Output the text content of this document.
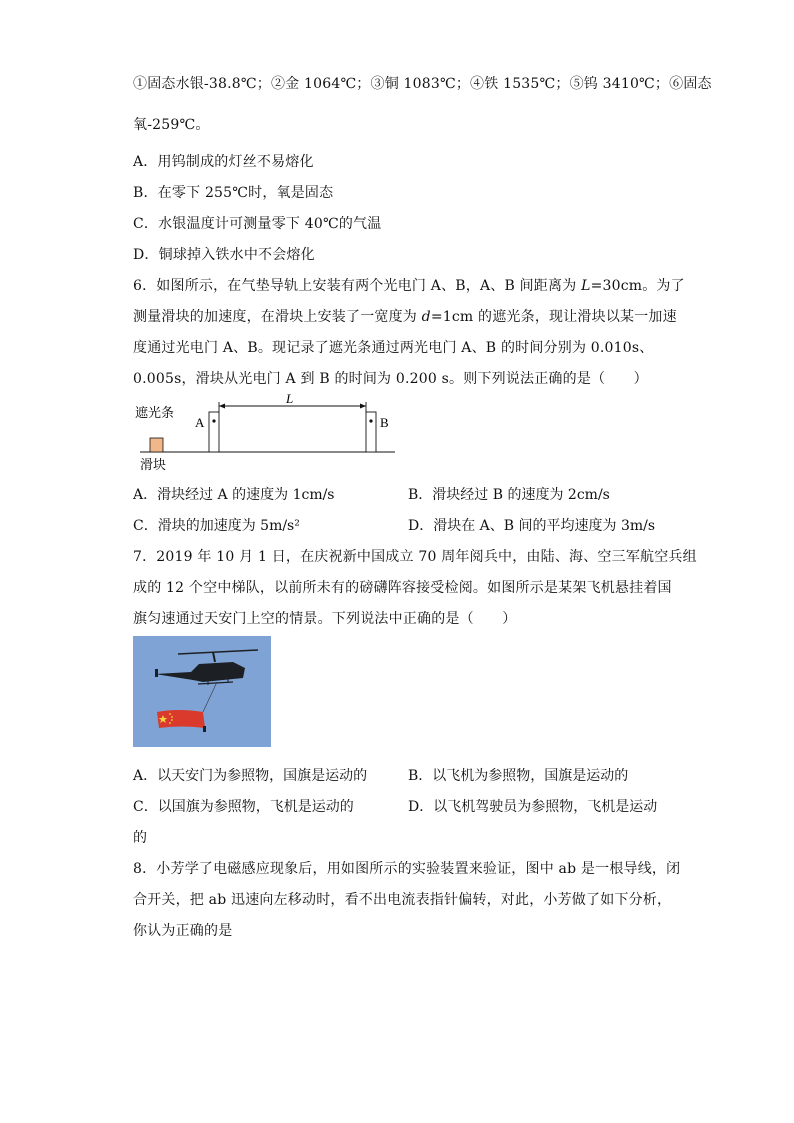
①固态水银-38.8℃；②金 1064℃；③铜 1083℃；④铁 1535℃；⑤钨 3410℃；⑥固态
氧-259℃。
A．用钨制成的灯丝不易熔化
B．在零下 255℃时，氧是固态
C．水银温度计可测量零下 40℃的气温
D．铜球掉入铁水中不会熔化
6．如图所示，在气垫导轨上安装有两个光电门 A、B，A、B 间距离为 L=30cm。为了
测量滑块的加速度，在滑块上安装了一宽度为 d=1cm 的遮光条，现让滑块以某一加速
度通过光电门 A、B。现记录了遮光条通过两光电门 A、B 的时间分别为 0.010s、
0.005s，滑块从光电门 A 到 B 的时间为 0.200 s。则下列说法正确的是（　　）
遮光条
滑块
A	B
L
A．滑块经过 A 的速度为 1cm/s	B．滑块经过 B 的速度为 2cm/s
C．滑块的加速度为 5m/s²	D．滑块在 A、B 间的平均速度为 3m/s
7．2019 年 10 月 1 日，在庆祝新中国成立 70 周年阅兵中，由陆、海、空三军航空兵组
成的 12 个空中梯队，以前所未有的磅礴阵容接受检阅。如图所示是某架飞机悬挂着国
旗匀速通过天安门上空的情景。下列说法中正确的是（　　）
A．以天安门为参照物，国旗是运动的	B．以飞机为参照物，国旗是运动的
C．以国旗为参照物，飞机是运动的	D．以飞机驾驶员为参照物，飞机是运动
的
8．小芳学了电磁感应现象后，用如图所示的实验装置来验证，图中 ab 是一根导线，闭
合开关，把 ab 迅速向左移动时，看不出电流表指针偏转，对此，小芳做了如下分析，
你认为正确的是
